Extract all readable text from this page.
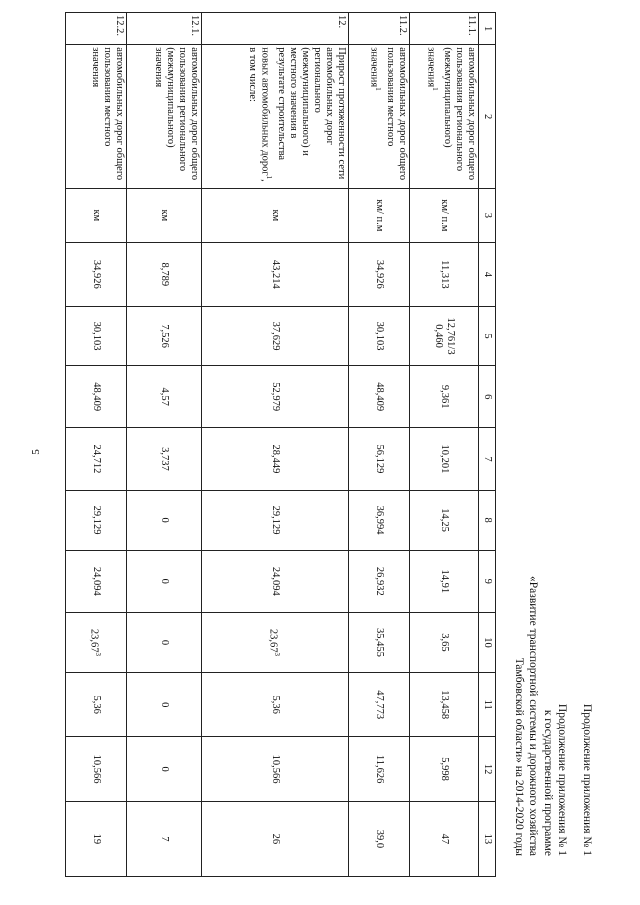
5
Продолжение приложения № 1
Продолжение приложения № 1
к государственной программе
«Развитие транспортной системы и дорожного хозяйства
Тамбовской области» на 2014-2020 годы
1	2	3	4	5	6	7	8	9	10	11	12	13
11.1.	автомобильных дорог общего пользования регионального (межмуниципального) значения$^1$	км/ п.м	11,313	12,761/3 0,460	9,361	10,201	14,25	14,91	3,65	13,458	5,998	47
11.2.	автомобильных дорог общего пользования местного значения$^1$	км/ п.м	34,926	30,103	48,409	56,129	36,994	26,932	35,455	47,773	11,626	39,0
12.	Прирост протяженности сети автомобильных дорог регионального (межмуниципального) и местного значения в результате строительства новых автомобильных дорог$^1$, в том числе:	км	43,214	37,629	52,979	28,449	29,129	24,094	23,67$^3$	5,36	10,566	26
12.1.	автомобильных дорог общего пользования регионального (межмуниципального) значения	км	8,789	7,526	4,57	3,737	0	0	0	0	0	7
12.2.	автомобильных дорог общего пользования местного значения	км	34,926	30,103	48,409	24,712	29,129	24,094	23,67$^3$	5,36	10,566	19
